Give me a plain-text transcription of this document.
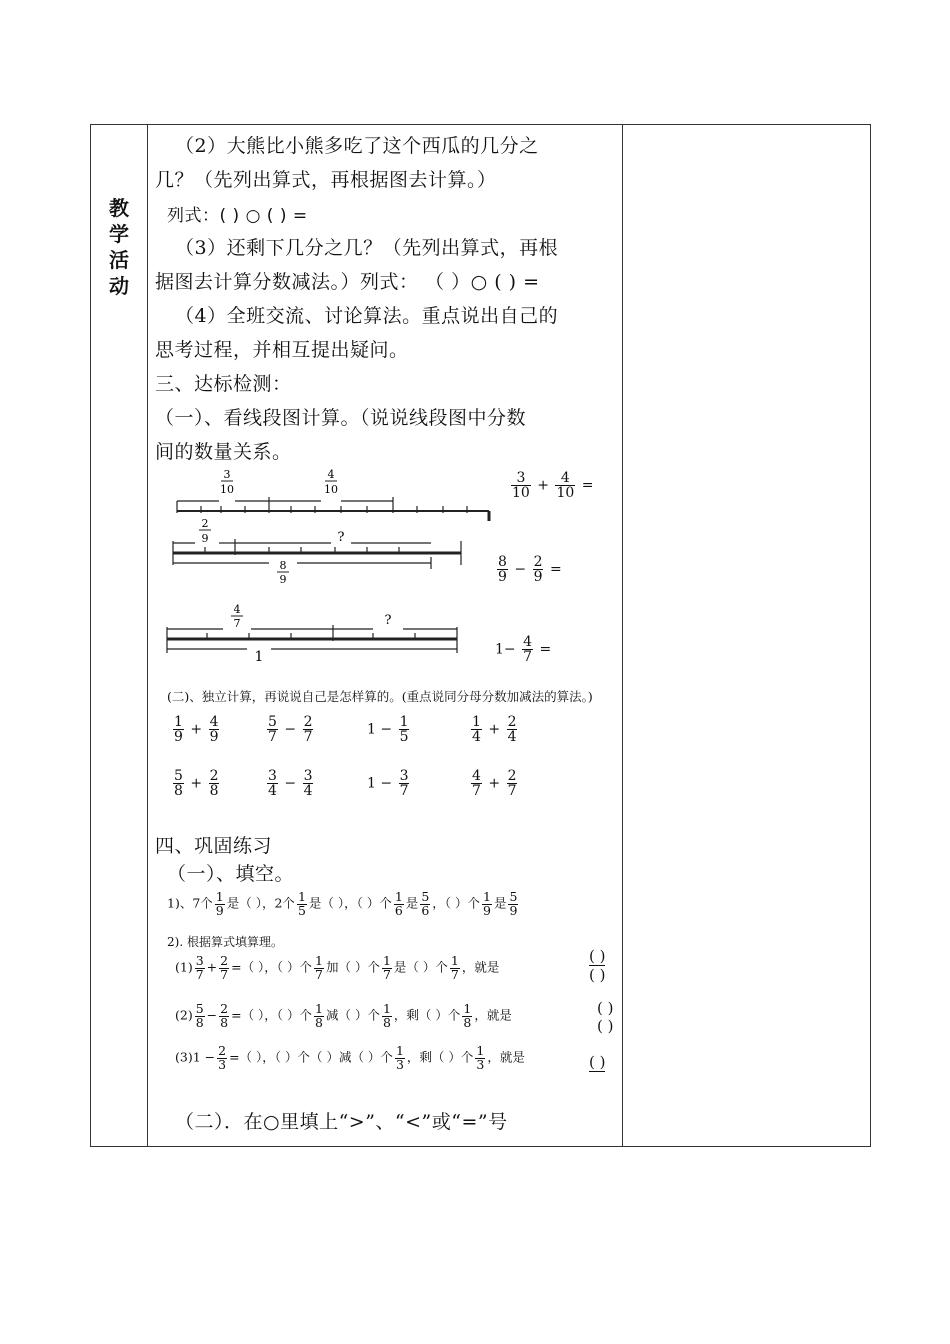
教
学
活
动
（2）大熊比小熊多吃了这个西瓜的几分之
几？（先列出算式，再根据图去计算。）
列式：( ) ○ ( ) =
（3）还剩下几分之几？（先列出算式，再根
据图去计算分数减法。）列式： （ ）○ ( ) =
（4）全班交流、讨论算法。重点说出自己的
思考过程，并相互提出疑问。
三、达标检测：
（一）、看线段图计算。（说说线段图中分数
间的数量关系。
3
10
4
10
2
9	?
8
9
4
7	?
1
$\frac{3}{10} + \frac{4}{10}$ =
$\frac{8}{9} - \frac{2}{9}$ =
$1- \frac{4}{7}$ =
(二)、独立计算，再说说自己是怎样算的。(重点说同分母分数加减法的算法。)
$\frac{1}{9} + \frac{4}{9}$	$\frac{5}{7} - \frac{2}{7}$	$1 - \frac{1}{5}$	$\frac{1}{4} + \frac{2}{4}$
$\frac{5}{8} + \frac{2}{8}$	$\frac{3}{4} - \frac{3}{4}$	$1 - \frac{3}{7}$	$\frac{4}{7} + \frac{2}{7}$
四、巩固练习
（一）、填空。
1)、7个 $\frac{1}{9}$ 是（ ），2个 $\frac{1}{5}$ 是（ ），（ ）个 $\frac{1}{6}$ 是 $\frac{5}{6}$ ，（ ）个 $\frac{1}{9}$ 是 $\frac{5}{9}$
2). 根据算式填算理。
$(1) \frac{3}{7} + \frac{2}{7}$ =（ ），（ ）个 $\frac{1}{7}$ 加（ ）个 $\frac{1}{7}$ 是（ ）个 $\frac{1}{7}$ ，就是
( )
( )
$(2) \frac{5}{8} - \frac{2}{8}$ =（ ），（ ）个 $\frac{1}{8}$ 减（ ）个 $\frac{1}{8}$ ，剩（ ）个 $\frac{1}{8}$ ，就是	( )
( )
$(3)1 - \frac{2}{3}$ =（ ），（ ）个（ ）减（ ）个 $\frac{1}{3}$ ，剩（ ）个 $\frac{1}{3}$ ，就是	( )
（二）．在○里填上“>”、“<”或“=”号
